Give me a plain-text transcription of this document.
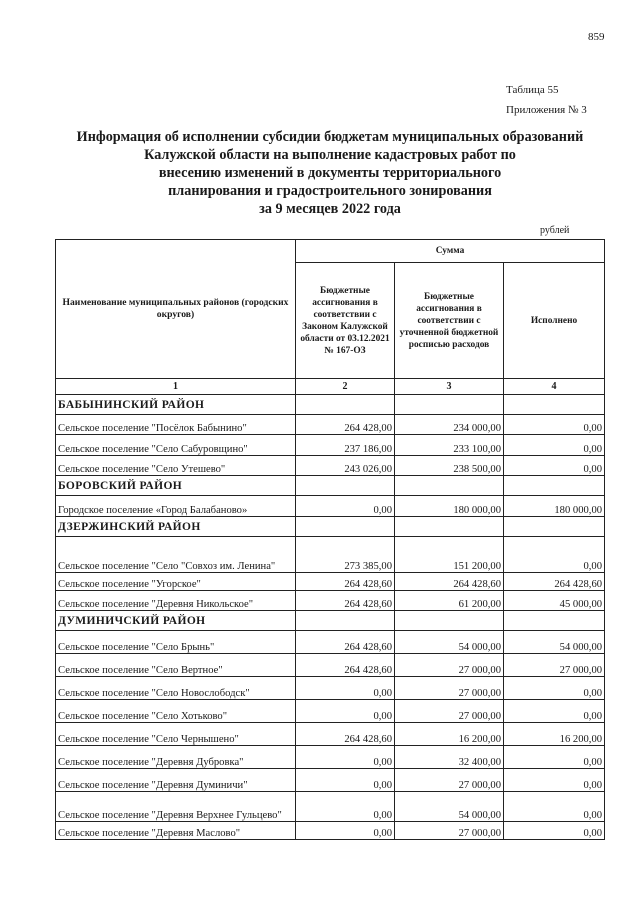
859
Таблица 55
Приложения № 3
Информация об исполнении субсидии бюджетам муниципальных образований
Калужской области на выполнение кадастровых работ по
внесению изменений в документы территориального
планирования и градостроительного зонирования
за 9 месяцев 2022 года
рублей
Наименование муниципальных районов (городских округов)	Сумма		
	Бюджетные ассигнования в соответствии с Законом Калужской области от 03.12.2021 № 167-ОЗ	Бюджетные ассигнования в соответствии с уточненной бюджетной росписью расходов	Исполнено
1	2	3	4
БАБЫНИНСКИЙ РАЙОН			
Сельское поселение "Посёлок Бабынино"	264 428,00	234 000,00	0,00
Сельское поселение "Село Сабуровщино"	237 186,00	233 100,00	0,00
Сельское поселение "Село Утешево"	243 026,00	238 500,00	0,00
БОРОВСКИЙ РАЙОН			
Городское поселение «Город Балабаново»	0,00	180 000,00	180 000,00
ДЗЕРЖИНСКИЙ РАЙОН			
Сельское поселение "Село "Совхоз им. Ленина"	273 385,00	151 200,00	0,00
Сельское поселение "Угорское"	264 428,60	264 428,60	264 428,60
Сельское поселение "Деревня Никольское"	264 428,60	61 200,00	45 000,00
ДУМИНИЧСКИЙ РАЙОН			
Сельское поселение "Село Брынь"	264 428,60	54 000,00	54 000,00
Сельское поселение "Село Вертное"	264 428,60	27 000,00	27 000,00
Сельское поселение "Село Новослободск"	0,00	27 000,00	0,00
Сельское поселение "Село Хотьково"	0,00	27 000,00	0,00
Сельское поселение "Село Чернышено"	264 428,60	16 200,00	16 200,00
Сельское поселение "Деревня Дубровка"	0,00	32 400,00	0,00
Сельское поселение "Деревня Думиничи"	0,00	27 000,00	0,00
Сельское поселение "Деревня Верхнее Гульцево"	0,00	54 000,00	0,00
Сельское поселение "Деревня Маслово"	0,00	27 000,00	0,00
